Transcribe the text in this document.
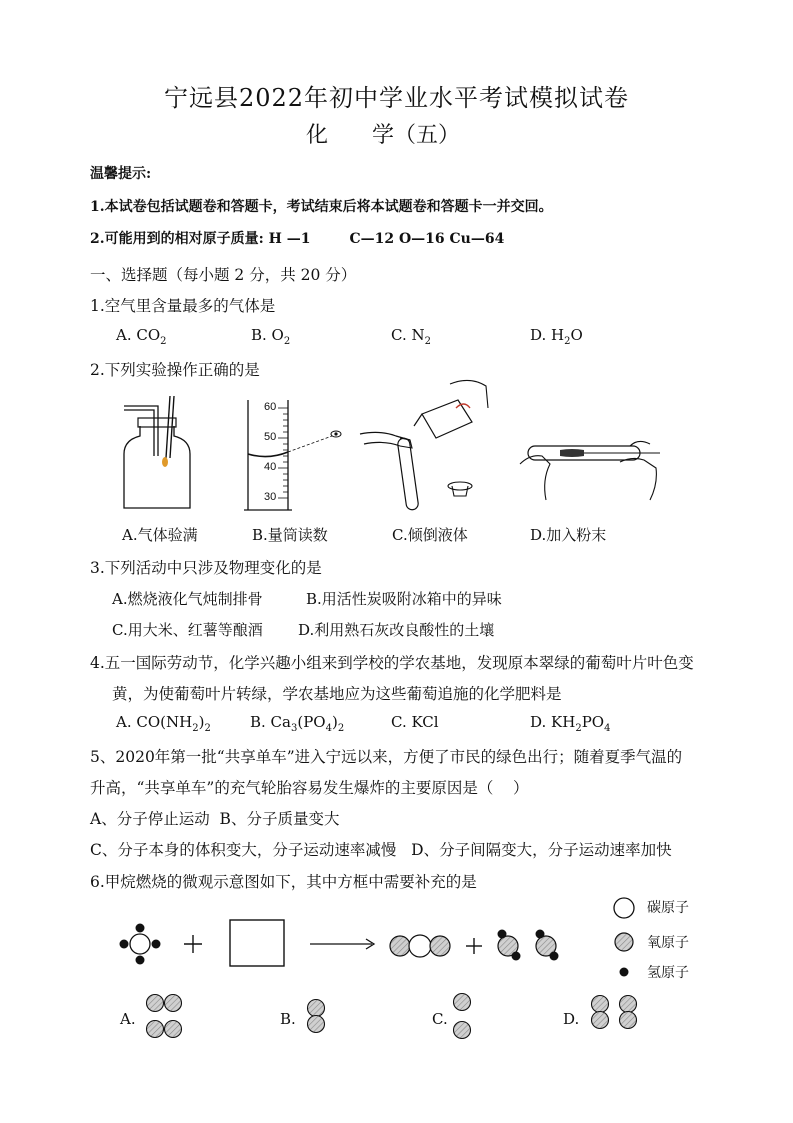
宁远县2022年初中学业水平考试模拟试卷
化 学（五）
温馨提示:
1.本试卷包括试题卷和答题卡，考试结束后将本试题卷和答题卡一并交回。
2.可能用到的相对原子质量: H —1        C—12 O—16 Cu—64
一、选择题（每小题 2 分，共 20 分）
1.空气里含量最多的气体是
A. $CO_2$	B. $O_2$	C. $N_2$	D. $H_2O$
2.下列实验操作正确的是
60
50
40
30
A.气体验满	B.量筒读数	C.倾倒液体	D.加入粉末
3.下列活动中只涉及物理变化的是
A.燃烧液化气炖制排骨	B.用活性炭吸附冰箱中的异味
C.用大米、红薯等酿酒 D.利用熟石灰改良酸性的土壤
4.五一国际劳动节，化学兴趣小组来到学校的学农基地，发现原本翠绿的葡萄叶片叶色变
黄，为使葡萄叶片转绿，学农基地应为这些葡萄追施的化学肥料是
A. $CO(NH_2)_2$	B. $Ca_3(PO_4)_2$	C. KCl	D. $KH_2PO_4$
5、2020年第一批“共享单车”进入宁远以来，方便了市民的绿色出行；随着夏季气温的
升高，“共享单车”的充气轮胎容易发生爆炸的主要原因是（    ）
A、分子停止运动  B、分子质量变大
C、分子本身的体积变大，分子运动速率减慢   D、分子间隔变大，分子运动速率加快
6.甲烷燃烧的微观示意图如下，其中方框中需要补充的是
碳原子
氧原子
氢原子
A.	B.	C.	D.
